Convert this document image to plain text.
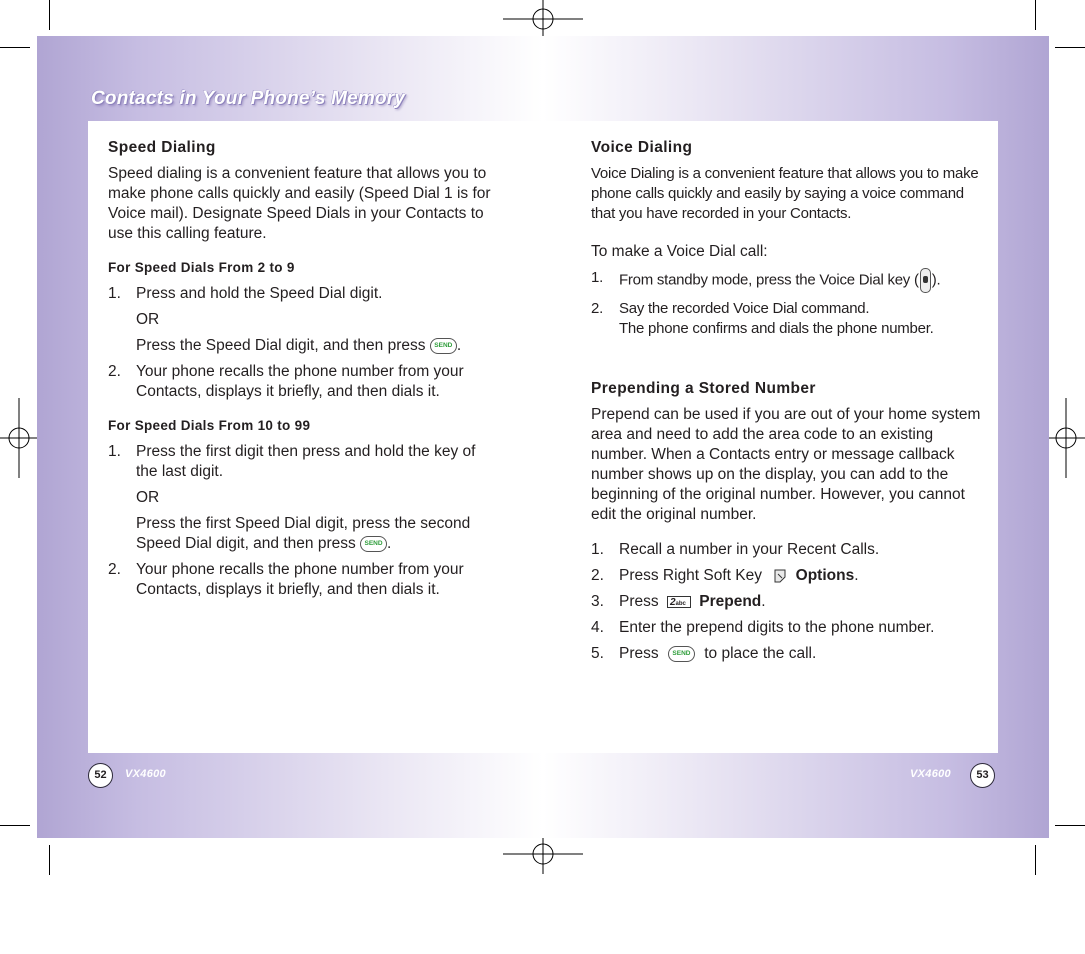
Contacts in Your Phone’s Memory
Speed Dialing

Speed dialing is a convenient feature that allows you to make phone calls quickly and easily (Speed Dial 1 is for Voice mail). Designate Speed Dials in your Contacts to use this calling feature.

For Speed Dials From 2 to 9
1. Press and hold the Speed Dial digit.
OR
Press the Speed Dial digit, and then press SEND .
2. Your phone recalls the phone number from your Contacts, displays it briefly, and then dials it.
For Speed Dials From 10 to 99
1. Press the first digit then press and hold the key of the last digit.
OR
Press the first Speed Dial digit, press the second Speed Dial digit, and then press SEND .
2. Your phone recalls the phone number from your Contacts, displays it briefly, and then dials it.
Voice Dialing

Voice Dialing is a convenient feature that allows you to make phone calls quickly and easily by saying a voice command that you have recorded in your Contacts.

To make a Voice Dial call:

1.	From standby mode, press the Voice Dial key ( ).
2.	Say the recorded Voice Dial command.
The phone confirms and dials the phone number.
Prepending a Stored Number

Prepend can be used if you are out of your home system area and need to add the area code to an existing number. When a Contacts entry or message callback number shows up on the display, you can add to the beginning of the original number. However, you cannot edit the original number.

1. Recall a number in your Recent Calls.
2. Press Right Soft Key Options.
3. Press 2abc Prepend.
4. Enter the prepend digits to the phone number.
5. Press SEND to place the call.
52	VX4600	VX4600	53
